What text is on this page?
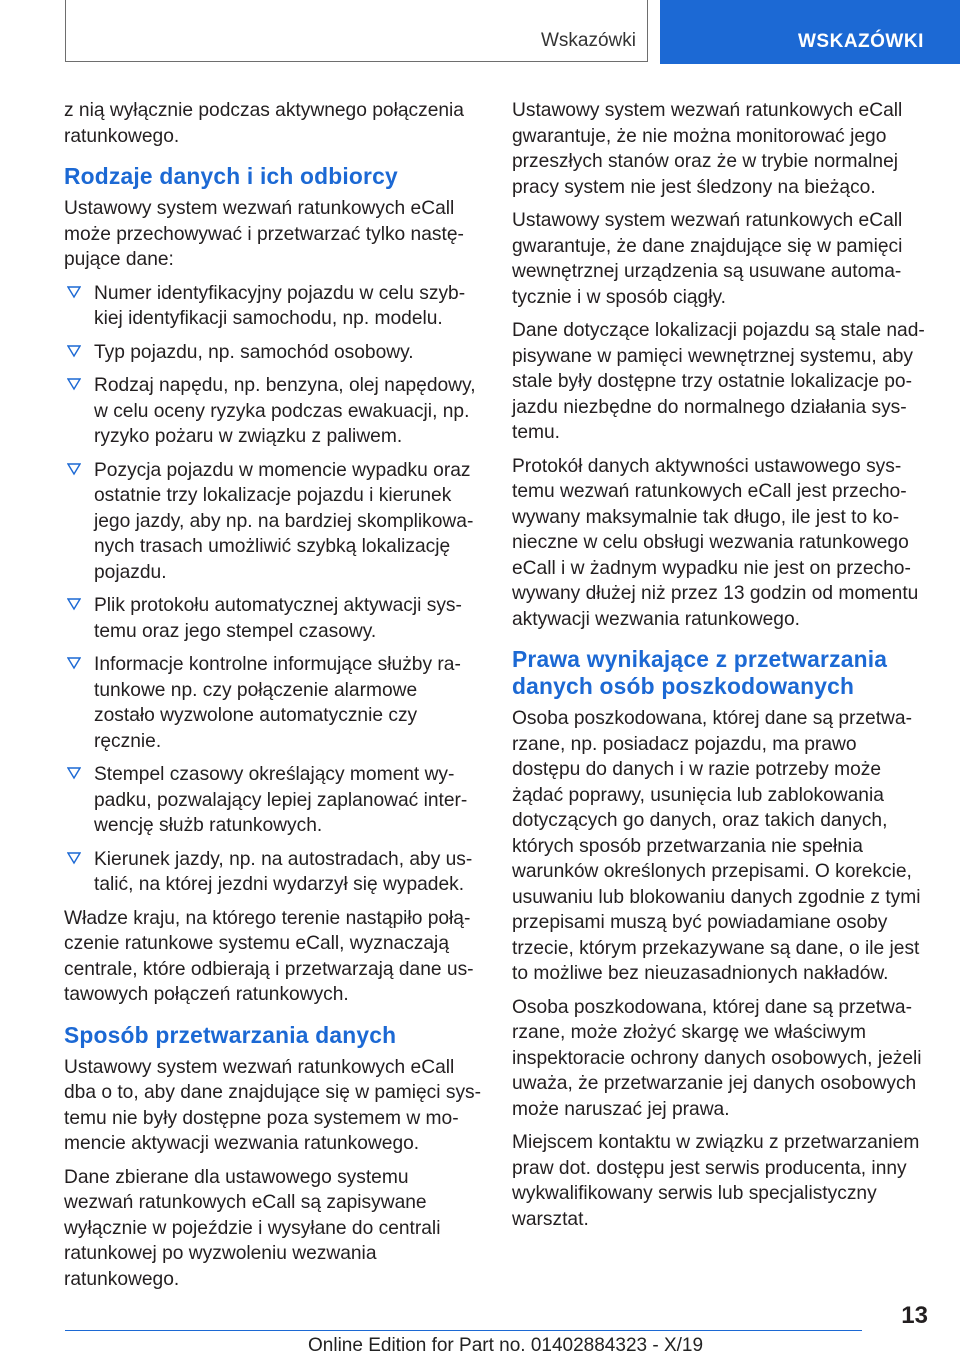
Wskazówki	WSKAZÓWKI

z nią wyłącznie podczas aktywnego połączenia ratunkowego.

Rodzaje danych i ich odbiorcy

Ustawowy system wezwań ratunkowych eCall może przechowywać i przetwarzać tylko następujące dane:

Numer identyfikacyjny pojazdu w celu szybkiej identyfikacji samochodu, np. modelu.
Typ pojazdu, np. samochód osobowy.
Rodzaj napędu, np. benzyna, olej napędowy, w celu oceny ryzyka podczas ewakuacji, np. ryzyko pożaru w związku z paliwem.
Pozycja pojazdu w momencie wypadku oraz ostatnie trzy lokalizacje pojazdu i kierunek jego jazdy, aby np. na bardziej skomplikowanych trasach umożliwić szybką lokalizację pojazdu.
Plik protokołu automatycznej aktywacji systemu oraz jego stempel czasowy.
Informacje kontrolne informujące służby ratunkowe np. czy połączenie alarmowe zostało wyzwolone automatycznie czy ręcznie.
Stempel czasowy określający moment wypadku, pozwalający lepiej zaplanować interwencję służb ratunkowych.
Kierunek jazdy, np. na autostradach, aby ustalić, na której jezdni wydarzył się wypadek.

Władze kraju, na którego terenie nastąpiło połączenie ratunkowe systemu eCall, wyznaczają centrale, które odbierają i przetwarzają dane ustawowych połączeń ratunkowych.

Sposób przetwarzania danych

Ustawowy system wezwań ratunkowych eCall dba o to, aby dane znajdujące się w pamięci systemu nie były dostępne poza systemem w momencie aktywacji wezwania ratunkowego.

Dane zbierane dla ustawowego systemu wezwań ratunkowych eCall są zapisywane wyłącznie w pojeździe i wysyłane do centrali ratunkowej po wyzwoleniu wezwania ratunkowego.

Ustawowy system wezwań ratunkowych eCall gwarantuje, że nie można monitorować jego przeszłych stanów oraz że w trybie normalnej pracy system nie jest śledzony na bieżąco.

Ustawowy system wezwań ratunkowych eCall gwarantuje, że dane znajdujące się w pamięci wewnętrznej urządzenia są usuwane automatycznie i w sposób ciągły.

Dane dotyczące lokalizacji pojazdu są stale nadpisywane w pamięci wewnętrznej systemu, aby stale były dostępne trzy ostatnie lokalizacje pojazdu niezbędne do normalnego działania systemu.

Protokół danych aktywności ustawowego systemu wezwań ratunkowych eCall jest przechowywany maksymalnie tak długo, ile jest to konieczne w celu obsługi wezwania ratunkowego eCall i w żadnym wypadku nie jest on przechowywany dłużej niż przez 13 godzin od momentu aktywacji wezwania ratunkowego.

Prawa wynikające z przetwarzania danych osób poszkodowanych

Osoba poszkodowana, której dane są przetwarzane, np. posiadacz pojazdu, ma prawo dostępu do danych i w razie potrzeby może żądać poprawy, usunięcia lub zablokowania dotyczących go danych, oraz takich danych, których sposób przetwarzania nie spełnia warunków określonych przepisami. O korekcie, usuwaniu lub blokowaniu danych zgodnie z tymi przepisami muszą być powiadamiane osoby trzecie, którym przekazywane są dane, o ile jest to możliwe bez nieuzasadnionych nakładów.

Osoba poszkodowana, której dane są przetwarzane, może złożyć skargę we właściwym inspektoracie ochrony danych osobowych, jeżeli uważa, że przetwarzanie jej danych osobowych może naruszać jej prawa.

Miejscem kontaktu w związku z przetwarzaniem praw dot. dostępu jest serwis producenta, inny wykwalifikowany serwis lub specjalistyczny warsztat.

13
Online Edition for Part no. 01402884323 - X/19
